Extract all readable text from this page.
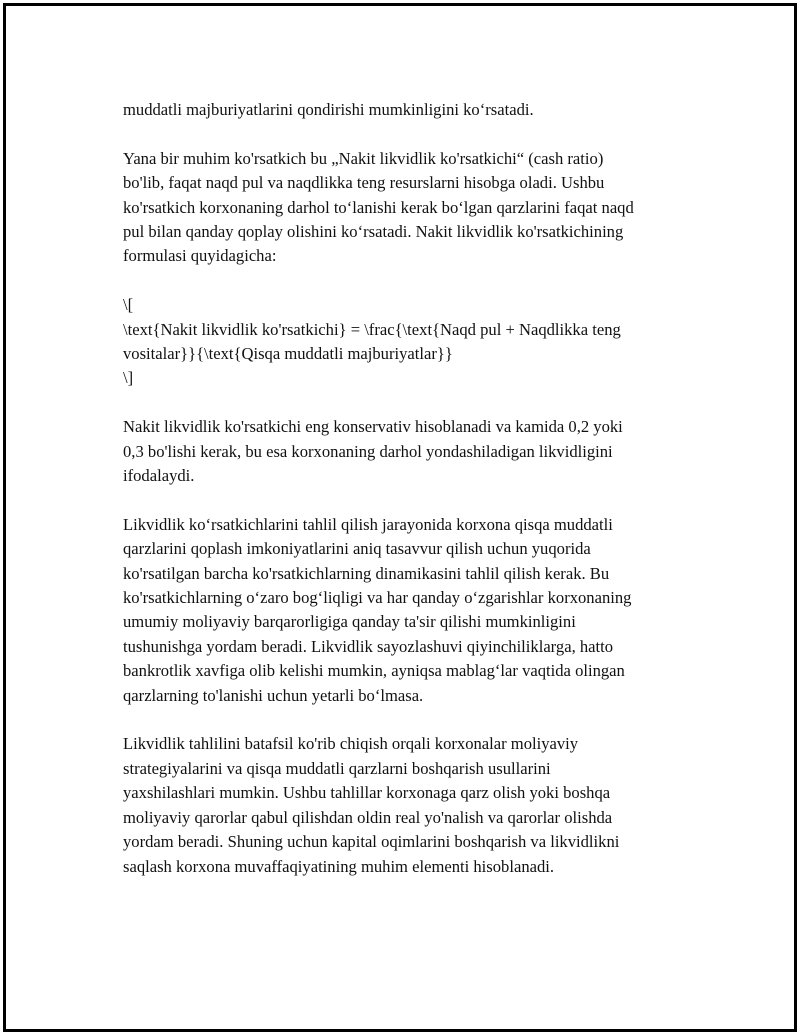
muddatli majburiyatlarini qondirishi mumkinligini ko‘rsatadi.

Yana bir muhim ko'rsatkich bu „Nakit likvidlik ko'rsatkichi“ (cash ratio)
bo'lib, faqat naqd pul va naqdlikka teng resurslarni hisobga oladi. Ushbu
ko'rsatkich korxonaning darhol to‘lanishi kerak bo‘lgan qarzlarini faqat naqd
pul bilan qanday qoplay olishini ko‘rsatadi. Nakit likvidlik ko'rsatkichining
formulasi quyidagicha:

\[
\text{Nakit likvidlik ko'rsatkichi} = \frac{\text{Naqd pul + Naqdlikka teng
vositalar}}{\text{Qisqa muddatli majburiyatlar}}
\]

Nakit likvidlik ko'rsatkichi eng konservativ hisoblanadi va kamida 0,2 yoki
0,3 bo'lishi kerak, bu esa korxonaning darhol yondashiladigan likvidligini
ifodalaydi.

Likvidlik ko‘rsatkichlarini tahlil qilish jarayonida korxona qisqa muddatli
qarzlarini qoplash imkoniyatlarini aniq tasavvur qilish uchun yuqorida
ko'rsatilgan barcha ko'rsatkichlarning dinamikasini tahlil qilish kerak. Bu
ko'rsatkichlarning o‘zaro bog‘liqligi va har qanday o‘zgarishlar korxonaning
umumiy moliyaviy barqarorligiga qanday ta'sir qilishi mumkinligini
tushunishga yordam beradi. Likvidlik sayozlashuvi qiyinchiliklarga, hatto
bankrotlik xavfiga olib kelishi mumkin, ayniqsa mablag‘lar vaqtida olingan
qarzlarning to'lanishi uchun yetarli bo‘lmasa.

Likvidlik tahlilini batafsil ko'rib chiqish orqali korxonalar moliyaviy
strategiyalarini va qisqa muddatli qarzlarni boshqarish usullarini
yaxshilashlari mumkin. Ushbu tahlillar korxonaga qarz olish yoki boshqa
moliyaviy qarorlar qabul qilishdan oldin real yo'nalish va qarorlar olishda
yordam beradi. Shuning uchun kapital oqimlarini boshqarish va likvidlikni
saqlash korxona muvaffaqiyatining muhim elementi hisoblanadi.
